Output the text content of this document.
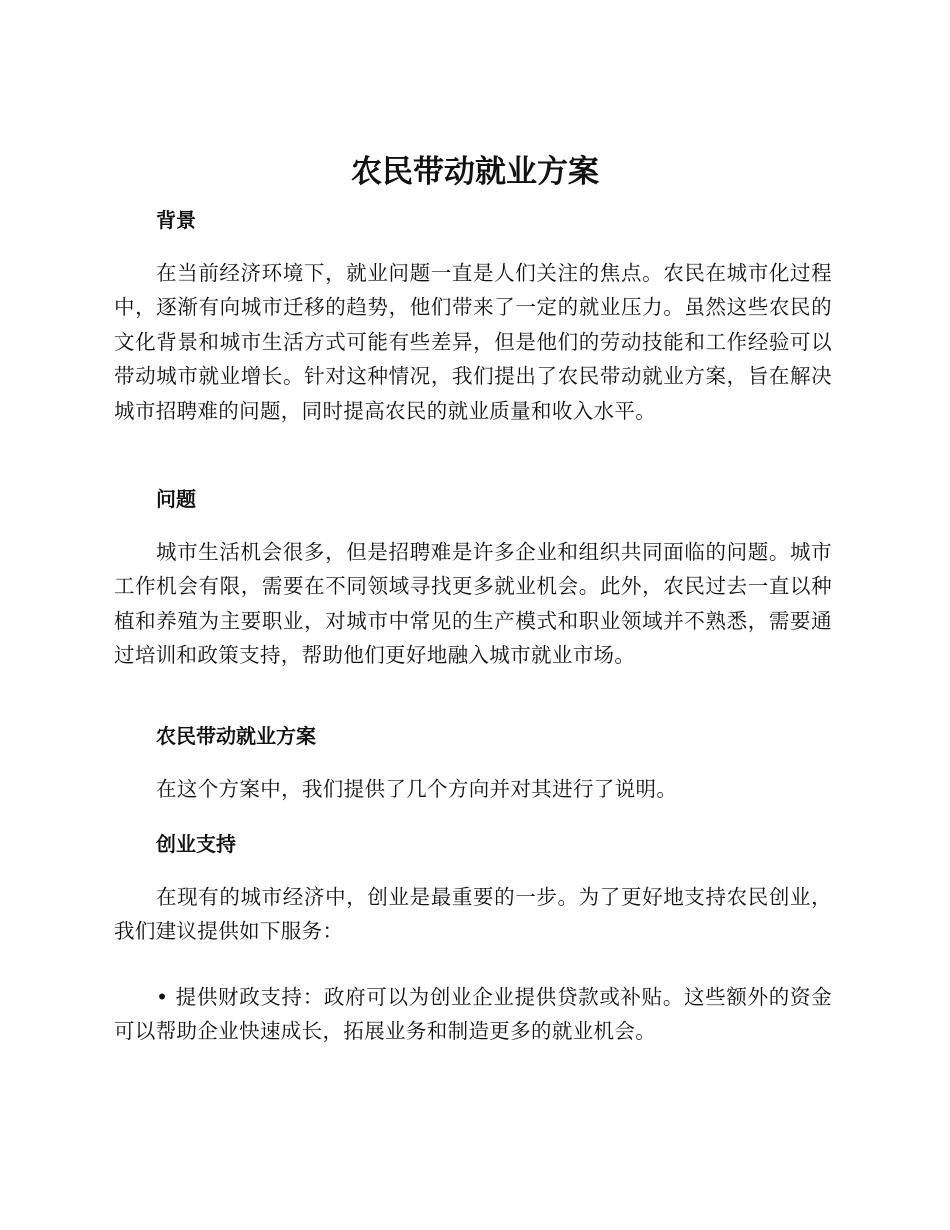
农民带动就业方案
背景

在当前经济环境下，就业问题一直是人们关注的焦点。农民在城市化过程中，逐渐有向城市迁移的趋势，他们带来了一定的就业压力。虽然这些农民的文化背景和城市生活方式可能有些差异，但是他们的劳动技能和工作经验可以带动城市就业增长。针对这种情况，我们提出了农民带动就业方案，旨在解决城市招聘难的问题，同时提高农民的就业质量和收入水平。

问题

城市生活机会很多，但是招聘难是许多企业和组织共同面临的问题。城市工作机会有限，需要在不同领域寻找更多就业机会。此外，农民过去一直以种植和养殖为主要职业，对城市中常见的生产模式和职业领域并不熟悉，需要通过培训和政策支持，帮助他们更好地融入城市就业市场。

农民带动就业方案

在这个方案中，我们提供了几个方向并对其进行了说明。

创业支持

在现有的城市经济中，创业是最重要的一步。为了更好地支持农民创业，我们建议提供如下服务：

• 提供财政支持：政府可以为创业企业提供贷款或补贴。这些额外的资金可以帮助企业快速成长，拓展业务和制造更多的就业机会。
